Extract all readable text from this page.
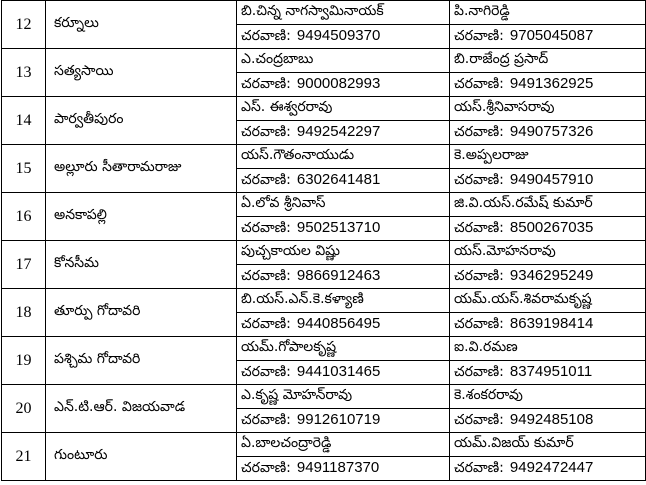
12	కర్నూలు	బి.చిన్న నాగస్వామినాయక్	పి.నాగిరెడ్డి
		చరవాణి: 9494509370	చరవాణి: 9705045087
13	సత్యసాయి	ఎ.చంద్రబాబు	బి.రాజేంద్ర ప్రసాద్
		చరవాణి: 9000082993	చరవాణి: 9491362925
14	పార్వతీపురం	ఎస్. ఈశ్వరరావు	యస్.శ్రీనివాసరావు
		చరవాణి: 9492542297	చరవాణి: 9490757326
15	అల్లూరు సీతారామరాజు	యస్.గౌతంనాయుడు	కె.అప్పలరాజు
		చరవాణి: 6302641481	చరవాణి: 9490457910
16	అనకాపల్లి	ఏ.లోవ శ్రీనివాస్	జి.వి.యస్.రమేష్ కుమార్
		చరవాణి: 9502513710	చరవాణి: 8500267035
17	కోనసీమ	పుచ్చకాయల విష్ణు	యస్.మోహనరావు
		చరవాణి: 9866912463	చరవాణి: 9346295249
18	తూర్పు గోదావరి	బి.యస్.ఎన్.కె.కళ్యాణి	యమ్.యస్.శివరామకృష్ణ
		చరవాణి: 9440856495	చరవాణి: 8639198414
19	పశ్చిమ గోదావరి	యమ్.గోపాలకృష్ణ	ఐ.వి.రమణ
		చరవాణి: 9441031465	చరవాణి: 8374951011
20	ఎన్.టి.ఆర్. విజయవాడ	ఎ.కృష్ణ మోహన్‌రావు	కె.శంకరరావు
		చరవాణి: 9912610719	చరవాణి: 9492485108
21	గుంటూరు	ఏ.బాలచంద్రారెడ్డి	యమ్.విజయ్ కుమార్
		చరవాణి: 9491187370	చరవాణి: 9492472447
